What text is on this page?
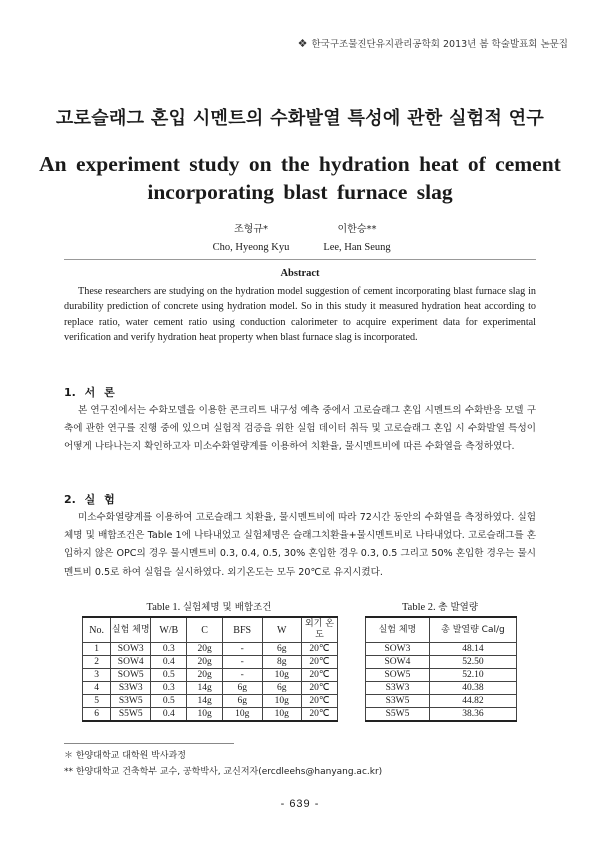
❖ 한국구조물진단유지관리공학회 2013년 봄 학술발표회 논문집
고로슬래그 혼입 시멘트의 수화발열 특성에 관한 실험적 연구
An experiment study on the hydration heat of cement
incorporating blast furnace slag
조형규*
Cho, Hyeong Kyu
이한승**
Lee, Han Seung
Abstract

These researchers are studying on the hydration model suggestion of cement incorporating blast furnace slag in durability prediction of concrete using hydration model. So in this study it measured hydration heat according to replace ratio, water cement ratio using conduction calorimeter to acquire experiment data for experimental verification and verify hydration heat property when blast furnace slag is incorporated.

1. 서 론

본 연구진에서는 수화모델을 이용한 콘크리트 내구성 예측 중에서 고로슬래그 혼입 시멘트의 수화반응 모델 구축에 관한 연구를 진행 중에 있으며 실험적 검증을 위한 실험 데이터 취득 및 고로슬래그 혼입 시 수화발열 특성이 어떻게 나타나는지 확인하고자 미소수화열량계를 이용하여 치환율, 물시멘트비에 따른 수화열을 측정하였다.

2. 실 험

미소수화열량계를 이용하여 고로슬래그 치환율, 물시멘트비에 따라 72시간 동안의 수화열을 측정하였다. 실험체명 및 배합조건은 Table 1에 나타내었고 실험체명은 슬래그치환율+물시멘트비로 나타내었다. 고로슬래그를 혼입하지 않은 OPC의 경우 물시멘트비 0.3, 0.4, 0.5, 30% 혼입한 경우 0.3, 0.5 그리고 50% 혼입한 경우는 물시멘트비 0.5로 하여 실험을 실시하였다. 외기온도는 모두 20℃로 유지시켰다.

Table 1. 실험체명 및 배합조건
No.	실험 체명	W/B	C	BFS	W	외기 온도
1	SOW3	0.3	20g	-	6g	20℃
2	SOW4	0.4	20g	-	8g	20℃
3	SOW5	0.5	20g	-	10g	20℃
4	S3W3	0.3	14g	6g	6g	20℃
5	S3W5	0.5	14g	6g	10g	20℃
6	S5W5	0.4	10g	10g	10g	20℃
Table 2. 총 발열량
실험 체명	총 발열량 Cal/g
SOW3	48.14
SOW4	52.50
SOW5	52.10
S3W3	40.38
S3W5	44.82
S5W5	38.36
＊ 한양대학교 대학원 박사과정
** 한양대학교 건축학부 교수, 공학박사, 교신저자(ercdleehs@hanyang.ac.kr)
- 639 -
